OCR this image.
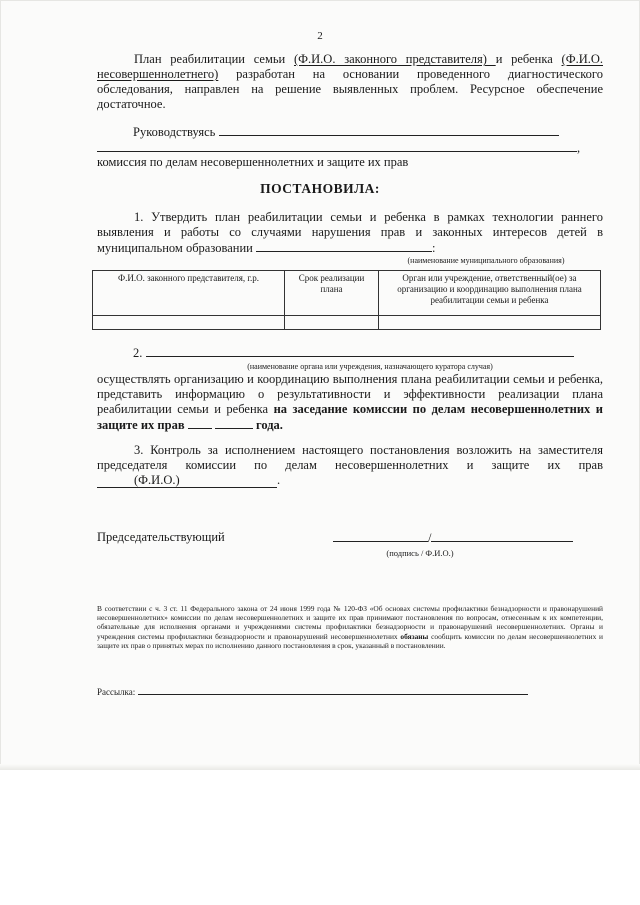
2
План реабилитации семьи (Ф.И.О. законного представителя) и ребенка (Ф.И.О. несовершеннолетнего) разработан на основании проведенного диагностического обследования, направлен на решение выявленных проблем. Ресурсное обеспечение достаточное.
Руководствуясь
,
комиссия по делам несовершеннолетних и защите их прав
ПОСТАНОВИЛА:
1. Утвердить план реабилитации семьи и ребенка в рамках технологии раннего выявления и работы со случаями нарушения прав и законных интересов детей в муниципальном образовании	:
(наименование муниципального образования)
Ф.И.О. законного представителя, г.р.	Срок реализации плана	Орган или учреждение, ответственный(ое) за организацию и координацию выполнения плана реабилитации семьи и ребенка

2.
(наименование органа или учреждения, назначающего куратора случая)
осуществлять организацию и координацию выполнения плана реабилитации семьи и ребенка, представить информацию о результативности и эффективности реализации плана реабилитации семьи и ребенка на заседание комиссии по делам несовершеннолетних и защите их прав	года.
3. Контроль за исполнением настоящего постановления возложить на заместителя председателя комиссии по делам несовершеннолетних и защите их прав (Ф.И.О.)	.
Председательствующий	/
(подпись / Ф.И.О.)
В соответствии с ч. 3 ст. 11 Федерального закона от 24 июня 1999 года № 120-ФЗ «Об основах системы профилактики безнадзорности и правонарушений несовершеннолетних» комиссии по делам несовершеннолетних и защите их прав принимают постановления по вопросам, отнесенным к их компетенции, обязательные для исполнения органами и учреждениями системы профилактики безнадзорности и правонарушений несовершеннолетних. Органы и учреждения системы профилактики безнадзорности и правонарушений несовершеннолетних обязаны сообщить комиссии по делам несовершеннолетних и защите их прав о принятых мерах по исполнению данного постановления в срок, указанный в постановлении.
Рассылка:
